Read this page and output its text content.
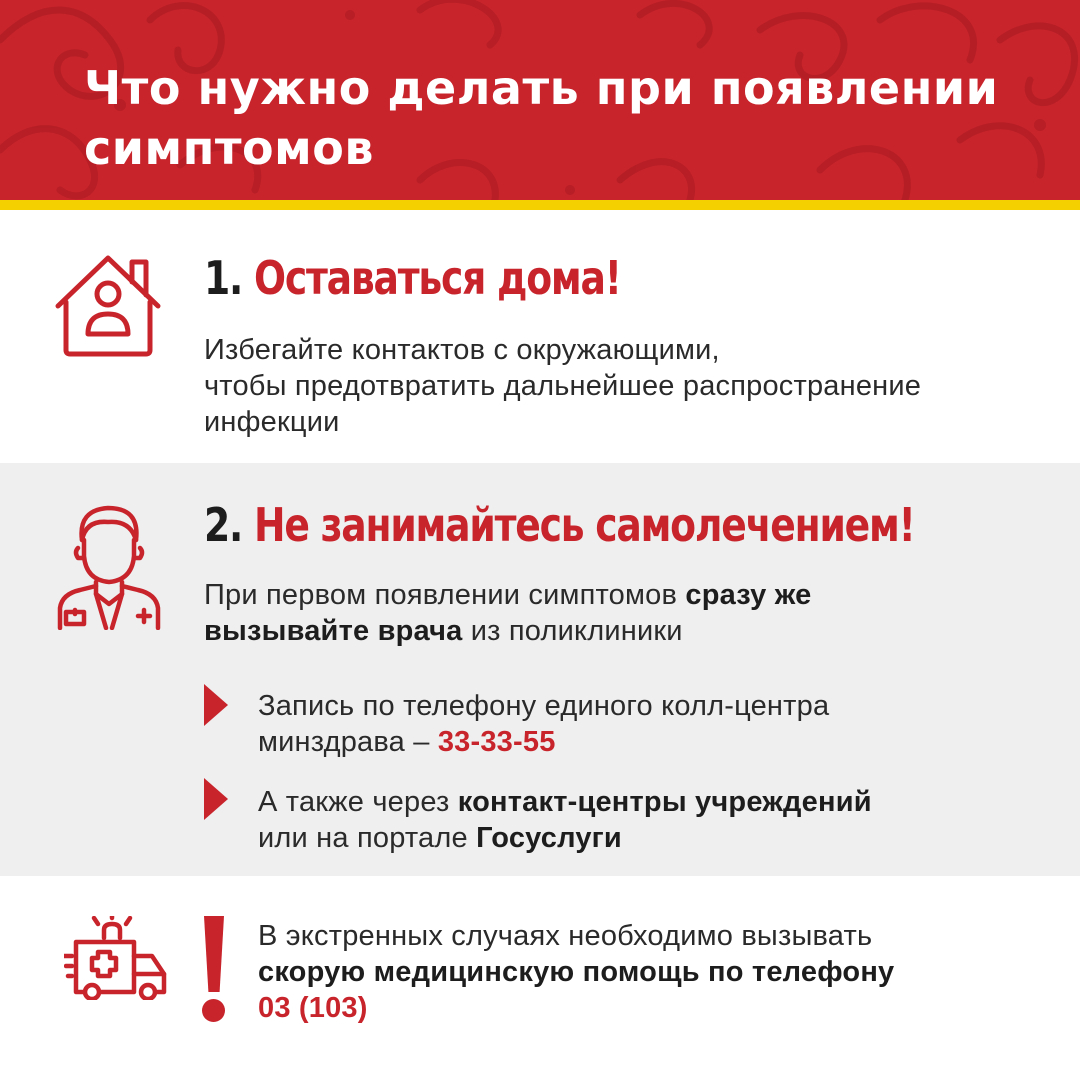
Что нужно делать при появлении
симптомов
1. Оставаться дома!
Избегайте контактов с окружающими,
чтобы предотвратить дальнейшее распространение
инфекции
2. Не занимайтесь самолечением!
При первом появлении симптомов сразу же
вызывайте врача из поликлиники
Запись по телефону единого колл-центра
минздрава – 33-33-55
А также через контакт-центры учреждений
или на портале Госуслуги
В экстренных случаях необходимо вызывать
скорую медицинскую помощь по телефону
03 (103)
